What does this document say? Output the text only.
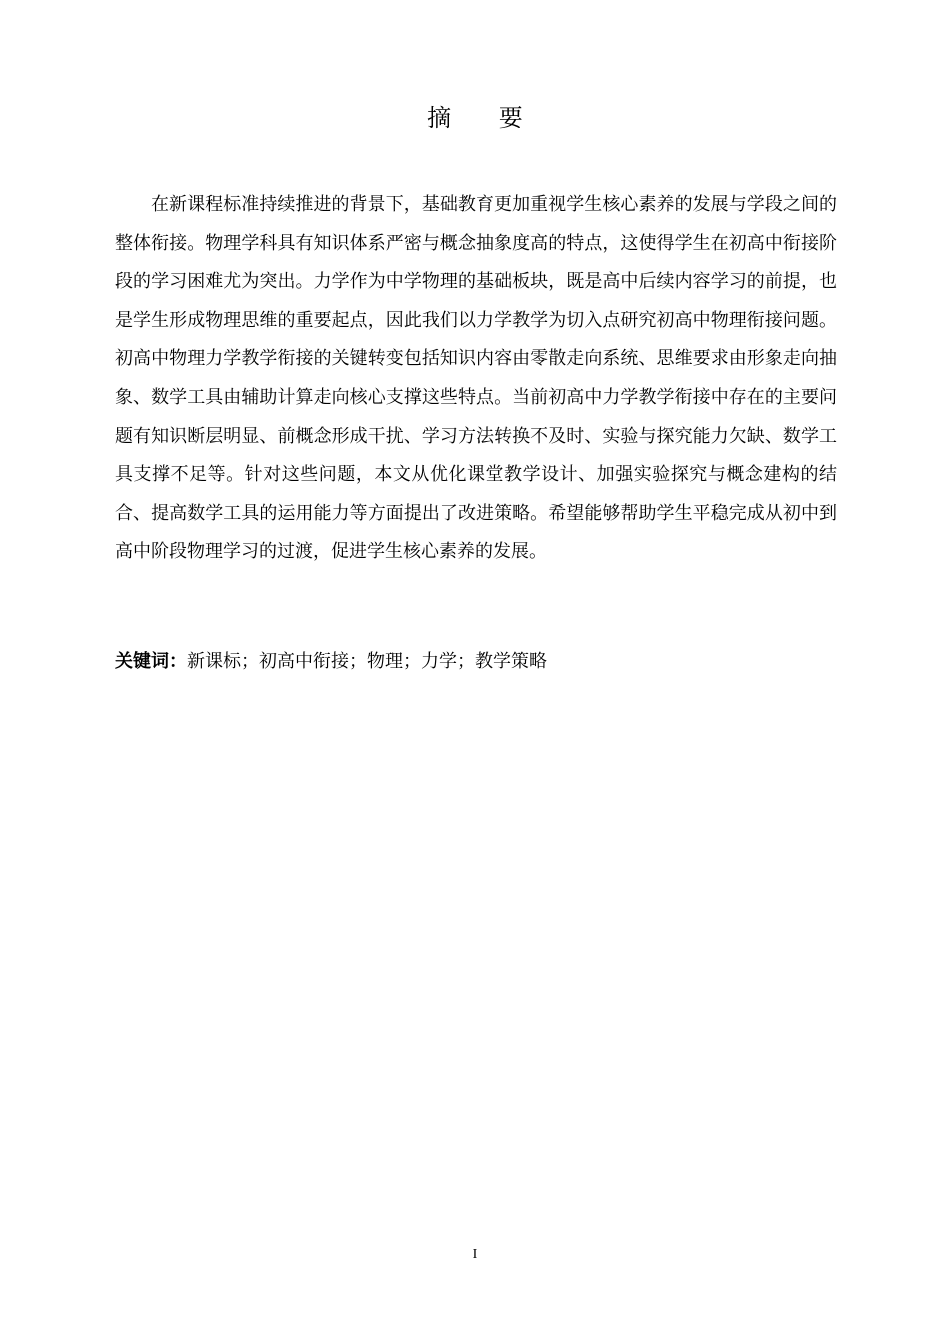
摘 要

在新课程标准持续推进的背景下，基础教育更加重视学生核心素养的发展与学段之间的整体衔接。物理学科具有知识体系严密与概念抽象度高的特点，这使得学生在初高中衔接阶段的学习困难尤为突出。力学作为中学物理的基础板块，既是高中后续内容学习的前提，也是学生形成物理思维的重要起点，因此我们以力学教学为切入点研究初高中物理衔接问题。初高中物理力学教学衔接的关键转变包括知识内容由零散走向系统、思维要求由形象走向抽象、数学工具由辅助计算走向核心支撑这些特点。当前初高中力学教学衔接中存在的主要问题有知识断层明显、前概念形成干扰、学习方法转换不及时、实验与探究能力欠缺、数学工具支撑不足等。针对这些问题，本文从优化课堂教学设计、加强实验探究与概念建构的结合、提高数学工具的运用能力等方面提出了改进策略。希望能够帮助学生平稳完成从初中到高中阶段物理学习的过渡，促进学生核心素养的发展。

关键词：新课标；初高中衔接；物理；力学；教学策略

I
